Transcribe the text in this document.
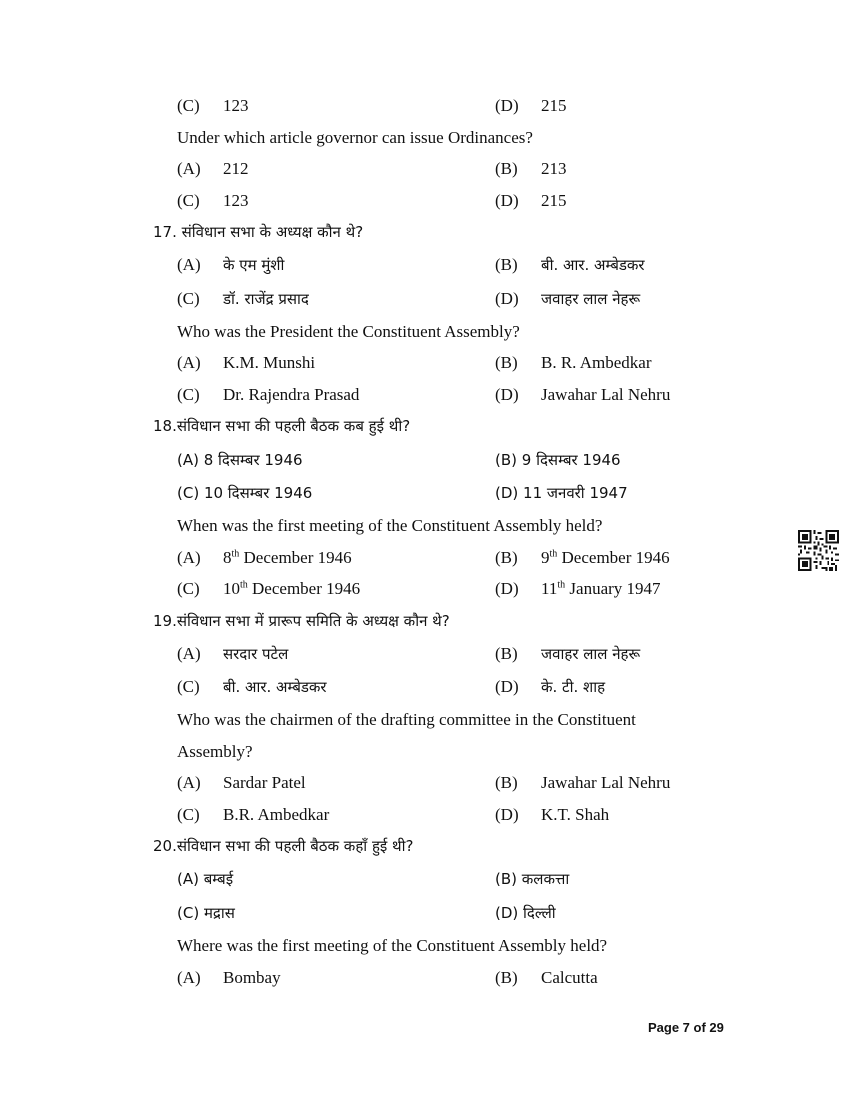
(C) 123	(D) 215
Under which article governor can issue Ordinances?
(A) 212	(B) 213
(C) 123	(D) 215
17. संविधान सभा के अध्यक्ष कौन थे?
(A) के एम मुंशी	(B) बी. आर. अम्बेडकर
(C) डॉ. राजेंद्र प्रसाद	(D) जवाहर लाल नेहरू
Who was the President the Constituent Assembly?
(A) K.M. Munshi	(B) B. R. Ambedkar
(C) Dr. Rajendra Prasad	(D) Jawahar Lal Nehru
18.संविधान सभा की पहली बैठक कब हुई थी?
(A) 8 दिसम्बर 1946	(B) 9 दिसम्बर 1946
(C) 10 दिसम्बर 1946	(D) 11 जनवरी 1947
When was the first meeting of the Constituent Assembly held?
(A) 8th December 1946	(B) 9th December 1946
(C) 10th December 1946	(D) 11th January 1947
19.संविधान सभा में प्रारूप समिति के अध्यक्ष कौन थे?
(A) सरदार पटेल	(B) जवाहर लाल नेहरू
(C) बी. आर. अम्बेडकर	(D) के. टी. शाह
Who was the chairmen of the drafting committee in the Constituent
Assembly?
(A) Sardar Patel	(B) Jawahar Lal Nehru
(C) B.R. Ambedkar	(D) K.T. Shah
20.संविधान सभा की पहली बैठक कहाँ हुई थी?
(A) बम्बई	(B) कलकत्ता
(C) मद्रास	(D) दिल्ली
Where was the first meeting of the Constituent Assembly held?
(A) Bombay	(B) Calcutta
Page 7 of 29
